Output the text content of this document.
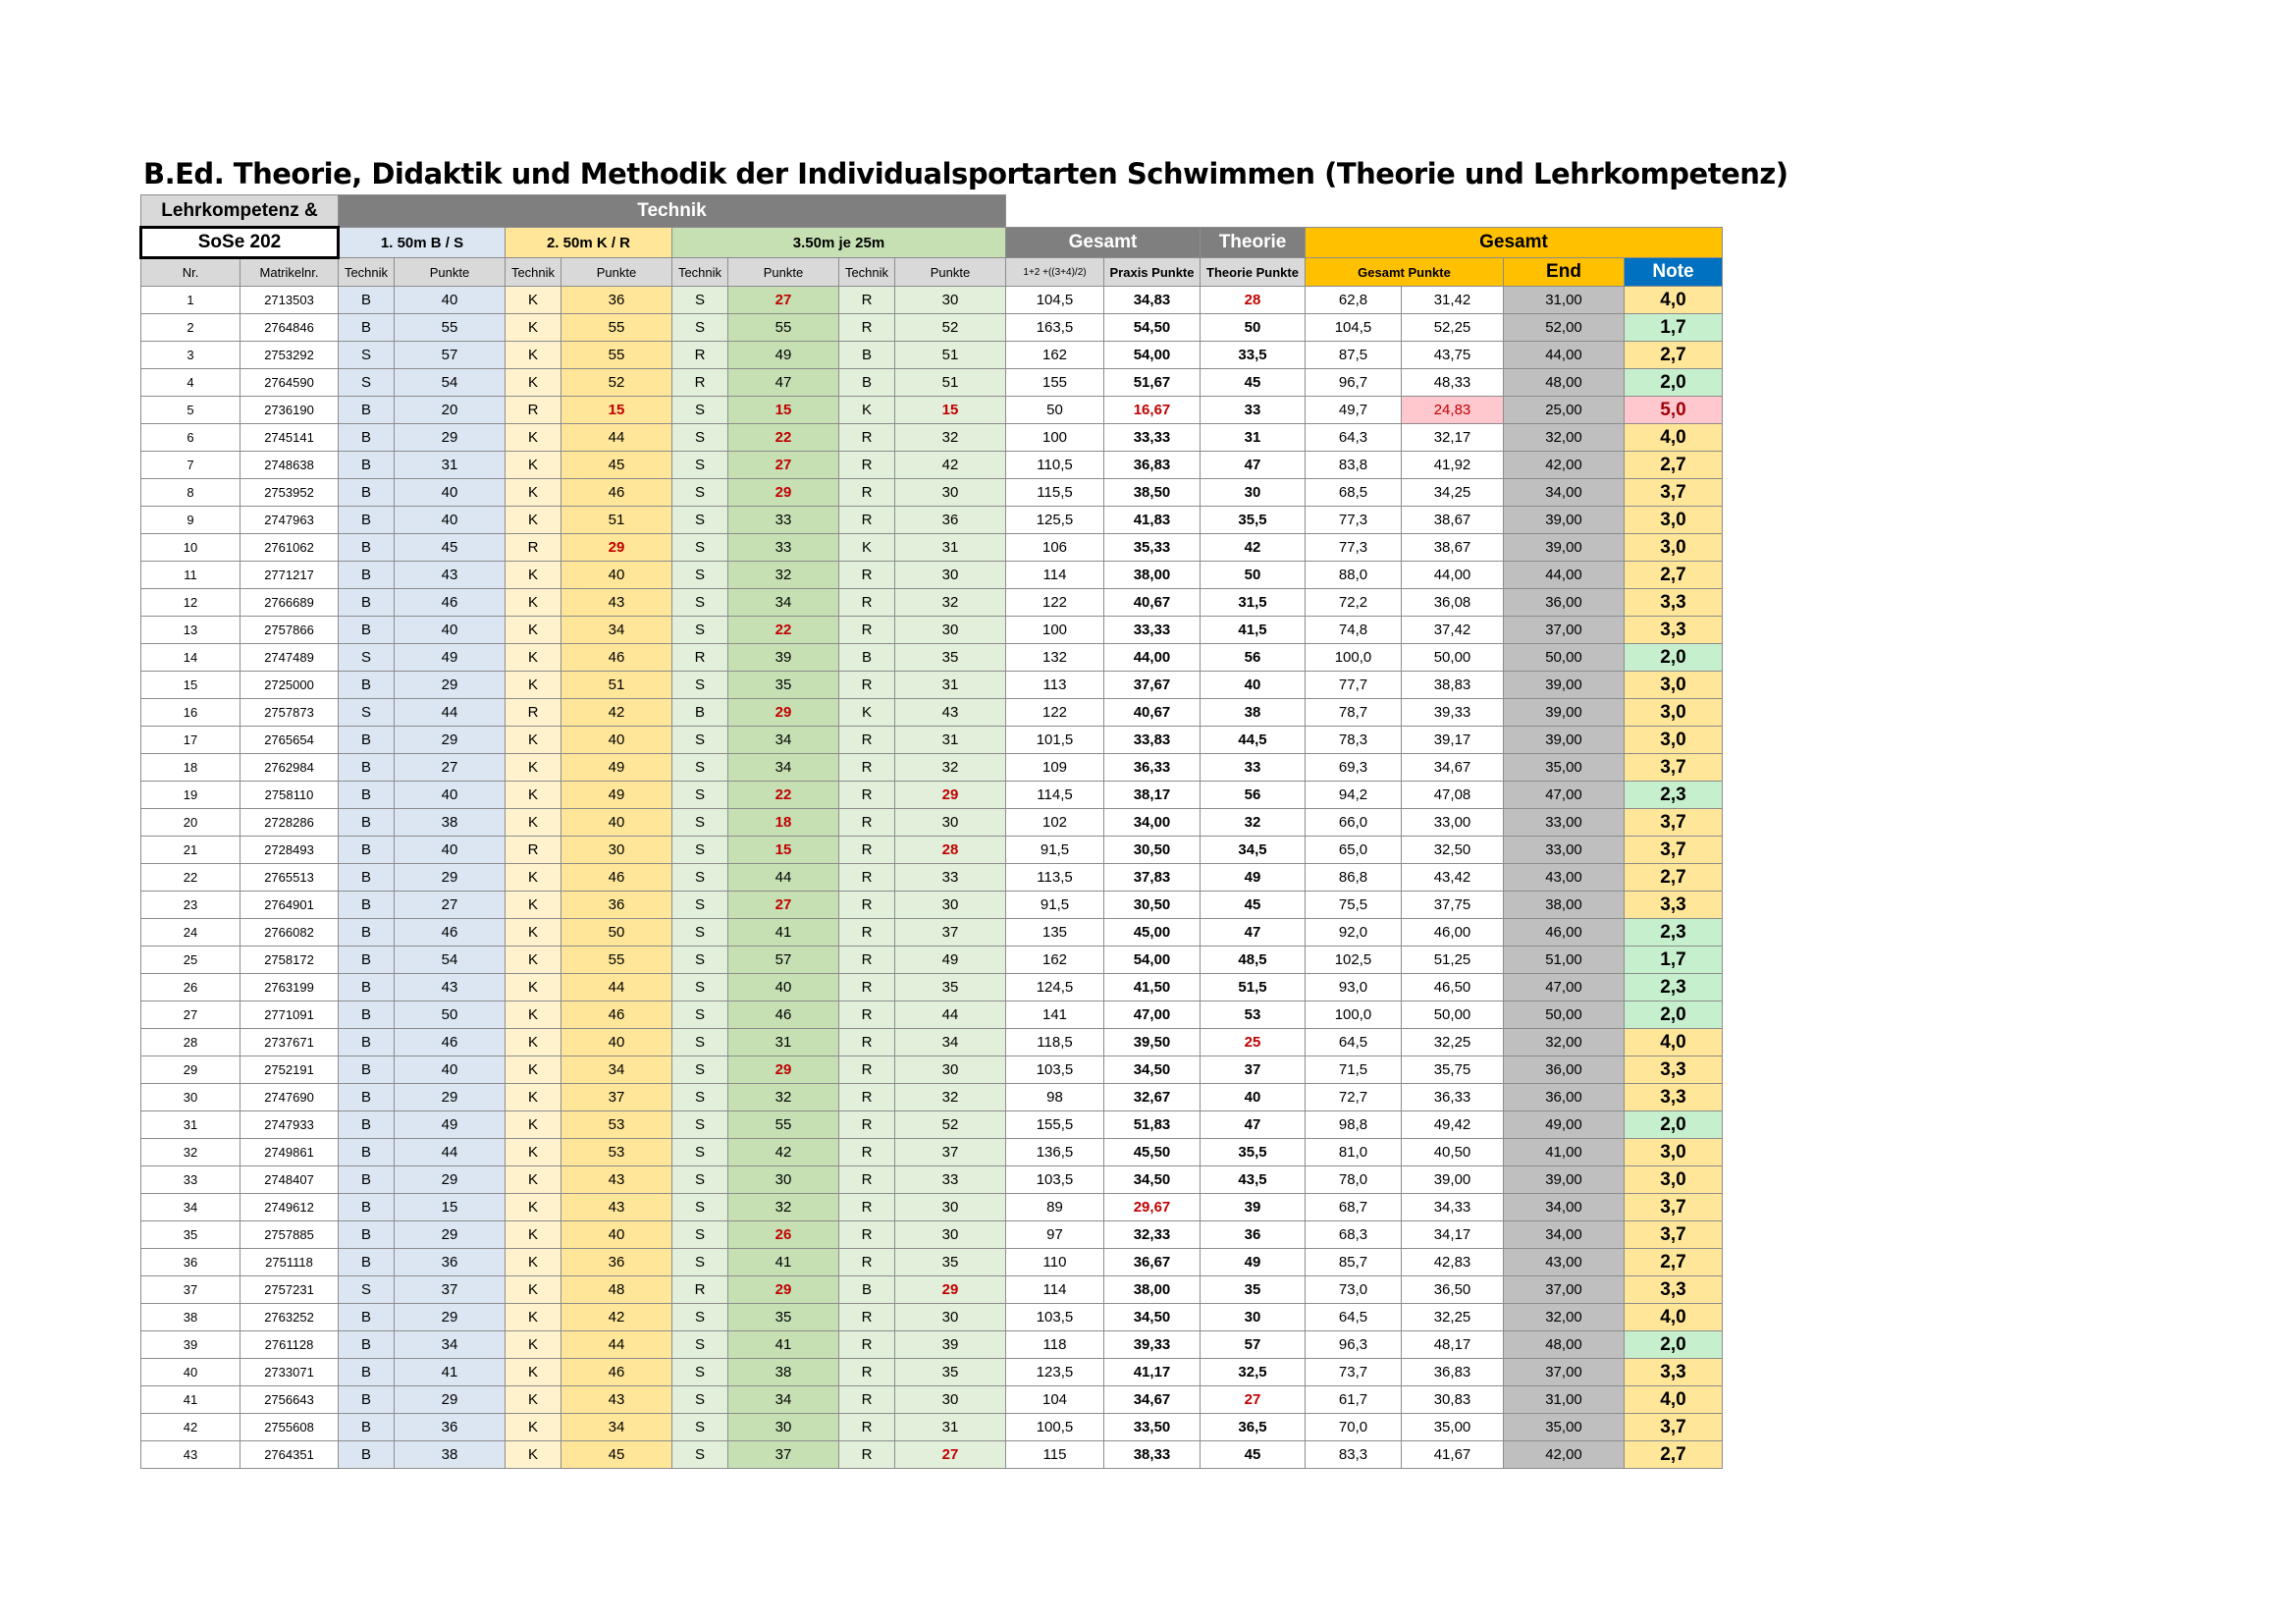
B.Ed. Theorie, Didaktik und Methodik der Individualsportarten Schwimmen (Theorie und Lehrkompetenz)
Lehrkompetenz &		Technik														
SoSe 202		1. 50m B / S		2. 50m K / R		3.50m je 25m				Gesamt		Theorie	Gesamt			
Nr.	Matrikelnr.	Technik	Punkte	Technik	Punkte	Technik	Punkte	Technik	Punkte	1+2 +((3+4)/2)	Praxis Punkte	Theorie Punkte	Gesamt Punkte		End	Note
1	2713503	B	40	K	36	S	27	R	30	104,5	34,83	28	62,8	31,42	31,00	4,0
2	2764846	B	55	K	55	S	55	R	52	163,5	54,50	50	104,5	52,25	52,00	1,7
3	2753292	S	57	K	55	R	49	B	51	162	54,00	33,5	87,5	43,75	44,00	2,7
4	2764590	S	54	K	52	R	47	B	51	155	51,67	45	96,7	48,33	48,00	2,0
5	2736190	B	20	R	15	S	15	K	15	50	16,67	33	49,7	24,83	25,00	5,0
6	2745141	B	29	K	44	S	22	R	32	100	33,33	31	64,3	32,17	32,00	4,0
7	2748638	B	31	K	45	S	27	R	42	110,5	36,83	47	83,8	41,92	42,00	2,7
8	2753952	B	40	K	46	S	29	R	30	115,5	38,50	30	68,5	34,25	34,00	3,7
9	2747963	B	40	K	51	S	33	R	36	125,5	41,83	35,5	77,3	38,67	39,00	3,0
10	2761062	B	45	R	29	S	33	K	31	106	35,33	42	77,3	38,67	39,00	3,0
11	2771217	B	43	K	40	S	32	R	30	114	38,00	50	88,0	44,00	44,00	2,7
12	2766689	B	46	K	43	S	34	R	32	122	40,67	31,5	72,2	36,08	36,00	3,3
13	2757866	B	40	K	34	S	22	R	30	100	33,33	41,5	74,8	37,42	37,00	3,3
14	2747489	S	49	K	46	R	39	B	35	132	44,00	56	100,0	50,00	50,00	2,0
15	2725000	B	29	K	51	S	35	R	31	113	37,67	40	77,7	38,83	39,00	3,0
16	2757873	S	44	R	42	B	29	K	43	122	40,67	38	78,7	39,33	39,00	3,0
17	2765654	B	29	K	40	S	34	R	31	101,5	33,83	44,5	78,3	39,17	39,00	3,0
18	2762984	B	27	K	49	S	34	R	32	109	36,33	33	69,3	34,67	35,00	3,7
19	2758110	B	40	K	49	S	22	R	29	114,5	38,17	56	94,2	47,08	47,00	2,3
20	2728286	B	38	K	40	S	18	R	30	102	34,00	32	66,0	33,00	33,00	3,7
21	2728493	B	40	R	30	S	15	R	28	91,5	30,50	34,5	65,0	32,50	33,00	3,7
22	2765513	B	29	K	46	S	44	R	33	113,5	37,83	49	86,8	43,42	43,00	2,7
23	2764901	B	27	K	36	S	27	R	30	91,5	30,50	45	75,5	37,75	38,00	3,3
24	2766082	B	46	K	50	S	41	R	37	135	45,00	47	92,0	46,00	46,00	2,3
25	2758172	B	54	K	55	S	57	R	49	162	54,00	48,5	102,5	51,25	51,00	1,7
26	2763199	B	43	K	44	S	40	R	35	124,5	41,50	51,5	93,0	46,50	47,00	2,3
27	2771091	B	50	K	46	S	46	R	44	141	47,00	53	100,0	50,00	50,00	2,0
28	2737671	B	46	K	40	S	31	R	34	118,5	39,50	25	64,5	32,25	32,00	4,0
29	2752191	B	40	K	34	S	29	R	30	103,5	34,50	37	71,5	35,75	36,00	3,3
30	2747690	B	29	K	37	S	32	R	32	98	32,67	40	72,7	36,33	36,00	3,3
31	2747933	B	49	K	53	S	55	R	52	155,5	51,83	47	98,8	49,42	49,00	2,0
32	2749861	B	44	K	53	S	42	R	37	136,5	45,50	35,5	81,0	40,50	41,00	3,0
33	2748407	B	29	K	43	S	30	R	33	103,5	34,50	43,5	78,0	39,00	39,00	3,0
34	2749612	B	15	K	43	S	32	R	30	89	29,67	39	68,7	34,33	34,00	3,7
35	2757885	B	29	K	40	S	26	R	30	97	32,33	36	68,3	34,17	34,00	3,7
36	2751118	B	36	K	36	S	41	R	35	110	36,67	49	85,7	42,83	43,00	2,7
37	2757231	S	37	K	48	R	29	B	29	114	38,00	35	73,0	36,50	37,00	3,3
38	2763252	B	29	K	42	S	35	R	30	103,5	34,50	30	64,5	32,25	32,00	4,0
39	2761128	B	34	K	44	S	41	R	39	118	39,33	57	96,3	48,17	48,00	2,0
40	2733071	B	41	K	46	S	38	R	35	123,5	41,17	32,5	73,7	36,83	37,00	3,3
41	2756643	B	29	K	43	S	34	R	30	104	34,67	27	61,7	30,83	31,00	4,0
42	2755608	B	36	K	34	S	30	R	31	100,5	33,50	36,5	70,0	35,00	35,00	3,7
43	2764351	B	38	K	45	S	37	R	27	115	38,33	45	83,3	41,67	42,00	2,7
